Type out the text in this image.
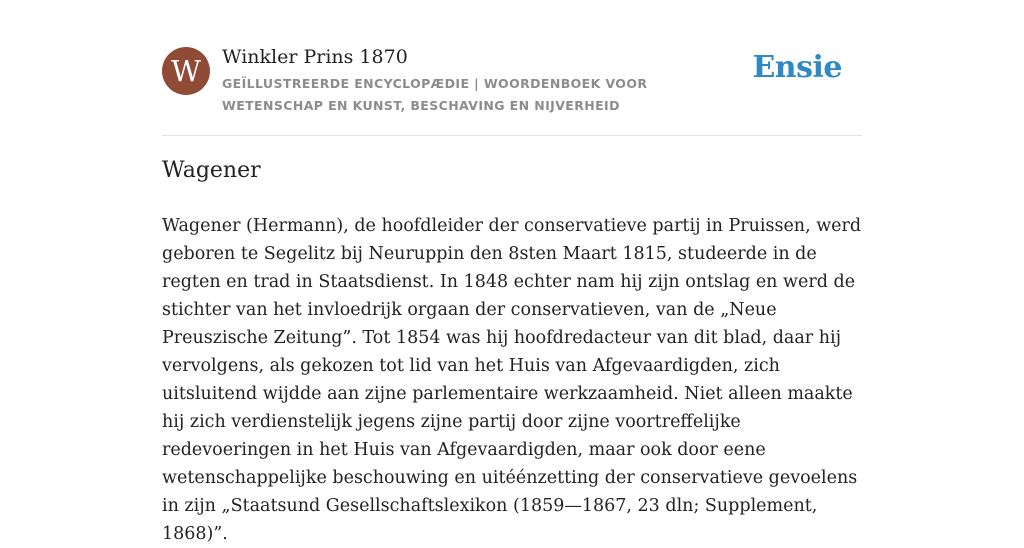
W	Winkler Prins 1870
GEÏLLUSTREERDE ENCYCLOPÆDIE | WOORDENBOEK VOOR WETENSCHAP EN KUNST, BESCHAVING EN NIJVERHEID
Ensie
Wagener

Wagener (Hermann), de hoofdleider der conservatieve partij in Pruissen, werd geboren te Segelitz bij Neuruppin den 8sten Maart 1815, studeerde in de regten en trad in Staatsdienst. In 1848 echter nam hij zijn ontslag en werd de stichter van het invloedrijk orgaan der conservatieven, van de „Neue Preuszische Zeitung”. Tot 1854 was hij hoofdredacteur van dit blad, daar hij vervolgens, als gekozen tot lid van het Huis van Afgevaardigden, zich uitsluitend wijdde aan zijne parlementaire werkzaamheid. Niet alleen maakte hij zich verdienstelijk jegens zijne partij door zijne voortreffelijke redevoeringen in het Huis van Afgevaardigden, maar ook door eene wetenschappelijke beschouwing en uitéénzetting der conservatieve gevoelens in zijn „Staatsund Gesellschaftslexikon (1859—1867, 23 dln; Supplement, 1868)”.
